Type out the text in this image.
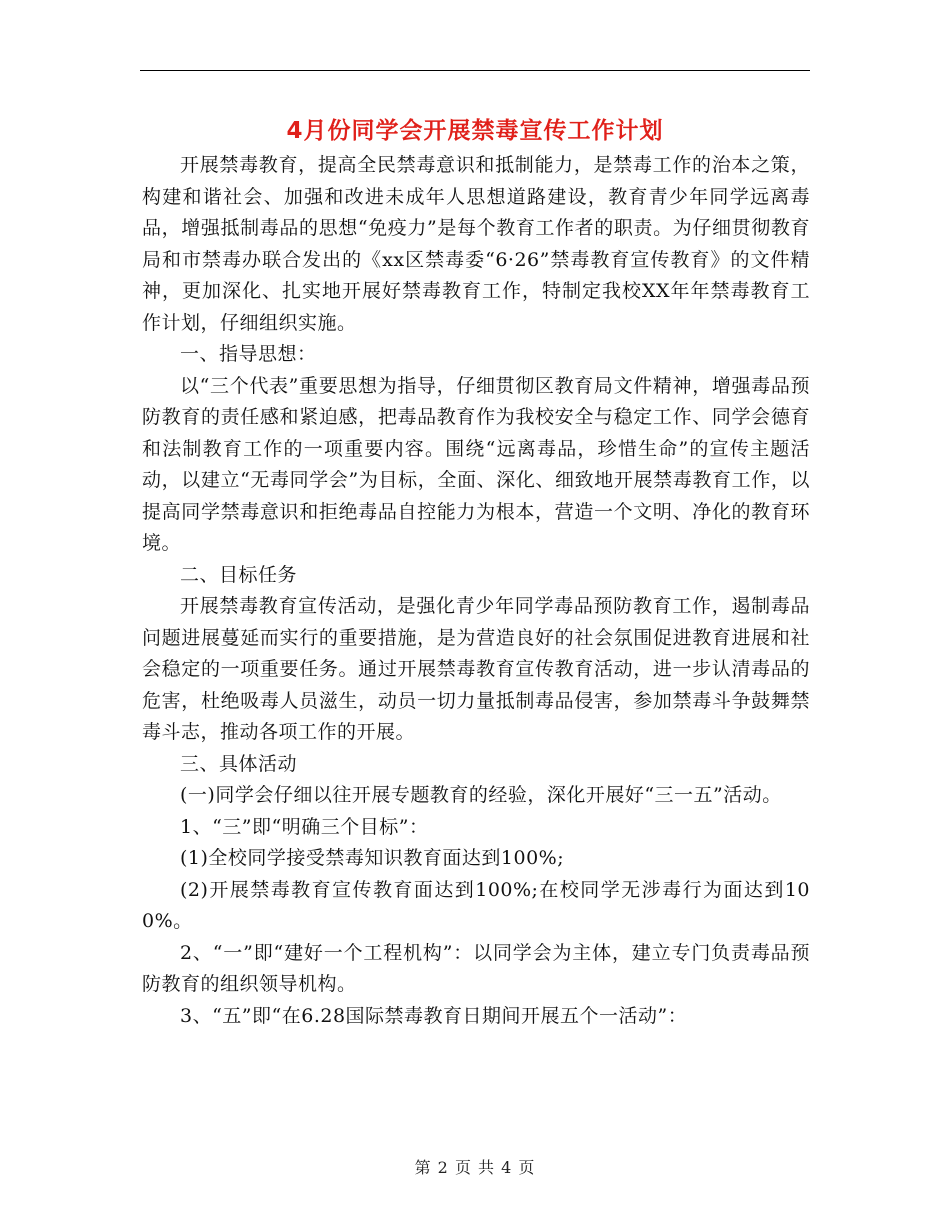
4月份同学会开展禁毒宣传工作计划

开展禁毒教育，提高全民禁毒意识和抵制能力，是禁毒工作的治本之策，构建和谐社会、加强和改进未成年人思想道路建设，教育青少年同学远离毒品，增强抵制毒品的思想“免疫力”是每个教育工作者的职责。为仔细贯彻教育局和市禁毒办联合发出的《xx区禁毒委“6·26”禁毒教育宣传教育》的文件精神，更加深化、扎实地开展好禁毒教育工作，特制定我校XX年年禁毒教育工作计划，仔细组织实施。

一、指导思想：

以“三个代表”重要思想为指导，仔细贯彻区教育局文件精神，增强毒品预防教育的责任感和紧迫感，把毒品教育作为我校安全与稳定工作、同学会德育和法制教育工作的一项重要内容。围绕“远离毒品，珍惜生命”的宣传主题活动，以建立“无毒同学会”为目标，全面、深化、细致地开展禁毒教育工作，以提高同学禁毒意识和拒绝毒品自控能力为根本，营造一个文明、净化的教育环境。

二、目标任务

开展禁毒教育宣传活动，是强化青少年同学毒品预防教育工作，遏制毒品问题进展蔓延而实行的重要措施，是为营造良好的社会氛围促进教育进展和社会稳定的一项重要任务。通过开展禁毒教育宣传教育活动，进一步认清毒品的危害，杜绝吸毒人员滋生，动员一切力量抵制毒品侵害，参加禁毒斗争鼓舞禁毒斗志，推动各项工作的开展。

三、具体活动

(一)同学会仔细以往开展专题教育的经验，深化开展好“三一五”活动。

1、“三”即“明确三个目标”：

(1)全校同学接受禁毒知识教育面达到100%;

(2)开展禁毒教育宣传教育面达到100%;在校同学无涉毒行为面达到100%。

2、“一”即“建好一个工程机构”：以同学会为主体，建立专门负责毒品预防教育的组织领导机构。

3、“五”即“在6.28国际禁毒教育日期间开展五个一活动”：

第 2 页 共 4 页
